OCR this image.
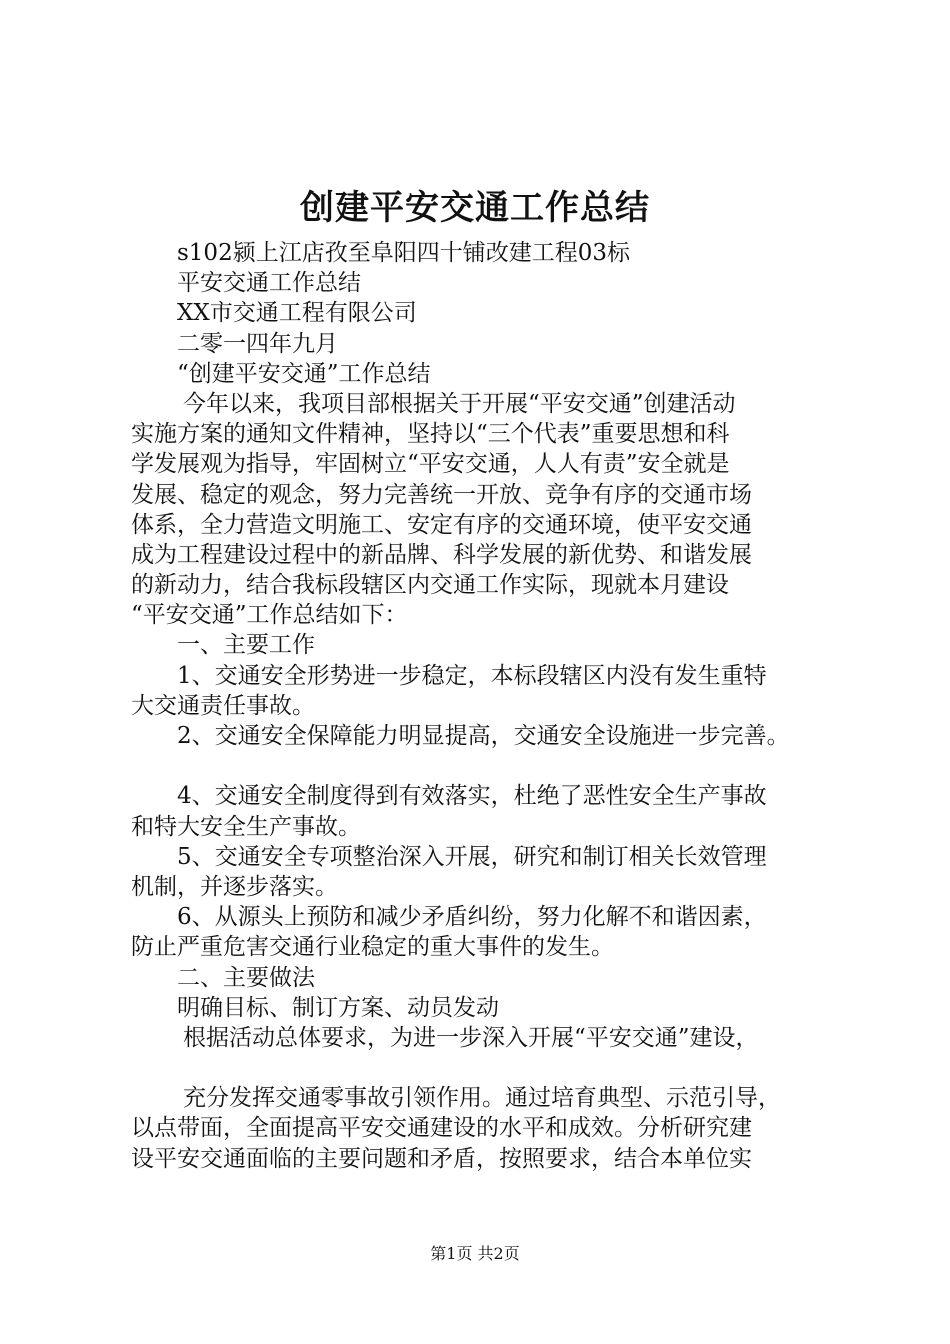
创建平安交通工作总结
s102颍上江店孜至阜阳四十铺改建工程03标
平安交通工作总结
XX市交通工程有限公司
二零一四年九月
“创建平安交通”工作总结
今年以来，我项目部根据关于开展“平安交通”创建活动
实施方案的通知文件精神，坚持以“三个代表”重要思想和科
学发展观为指导，牢固树立“平安交通，人人有责”安全就是
发展、稳定的观念，努力完善统一开放、竞争有序的交通市场
体系，全力营造文明施工、安定有序的交通环境，使平安交通
成为工程建设过程中的新品牌、科学发展的新优势、和谐发展
的新动力，结合我标段辖区内交通工作实际，现就本月建设
“平安交通”工作总结如下：
一、主要工作
1、交通安全形势进一步稳定，本标段辖区内没有发生重特
大交通责任事故。
2、交通安全保障能力明显提高，交通安全设施进一步完善。
4、交通安全制度得到有效落实，杜绝了恶性安全生产事故
和特大安全生产事故。
5、交通安全专项整治深入开展，研究和制订相关长效管理
机制，并逐步落实。
6、从源头上预防和减少矛盾纠纷，努力化解不和谐因素，
防止严重危害交通行业稳定的重大事件的发生。
二、主要做法
明确目标、制订方案、动员发动
根据活动总体要求，为进一步深入开展“平安交通”建设，
充分发挥交通零事故引领作用。通过培育典型、示范引导，
以点带面，全面提高平安交通建设的水平和成效。分析研究建
设平安交通面临的主要问题和矛盾，按照要求，结合本单位实
第1页 共2页
